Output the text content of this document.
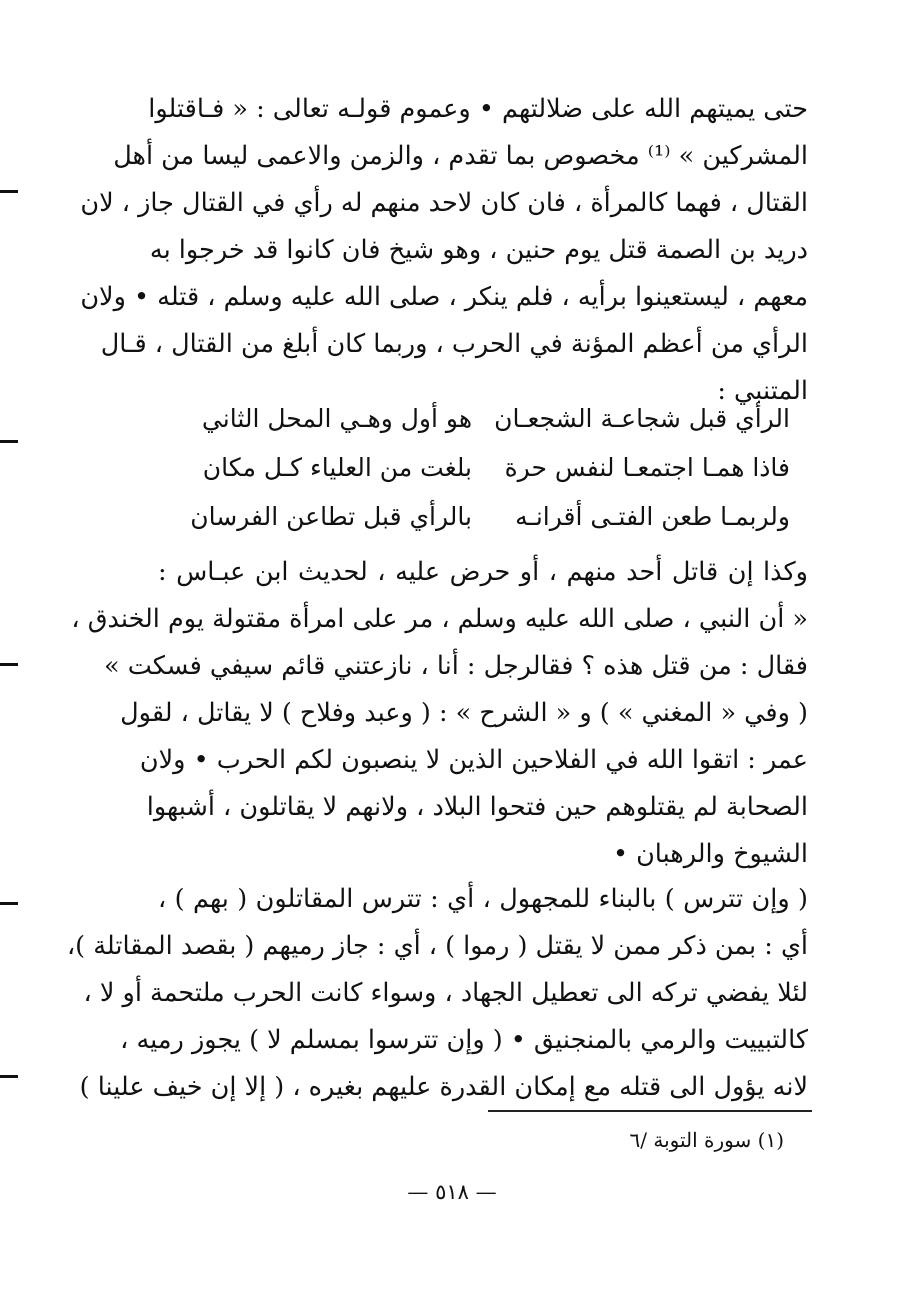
حتى يميتهم الله على ضلالتهم • وعموم قولـه تعالى : « فـاقتلوا
المشركين » ⁽¹⁾ مخصوص بما تقدم ، والزمن والاعمى ليسا من أهل
القتال ، فهما كالمرأة ، فان كان لاحد منهم له رأي في القتال جاز ، لان
دريد بن الصمة قتل يوم حنين ، وهو شيخ فان كانوا قد خرجوا به
معهم ، ليستعينوا برأيه ، فلم ينكر ، صلى الله عليه وسلم ، قتله • ولان
الرأي من أعظم المؤنة في الحرب ، وربما كان أبلغ من القتال ، قـال
المتنبي :
الرأي قبل شجاعـة الشجعـان
هو أول وهـي المحل الثاني
فاذا همـا اجتمعـا لنفس حرة
بلغت من العلياء كـل مكان
ولربمـا طعن الفتـى أقرانـه
بالرأي قبل تطاعن الفرسان
وكذا إن قاتل أحد منهم ، أو حرض عليه ، لحديث ابن عبـاس :
« أن النبي ، صلى الله عليه وسلم ، مر على امرأة مقتولة يوم الخندق ،
فقال : من قتل هذه ؟ فقالرجل : أنا ، نازعتني قائم سيفي فسكت »
( وفي « المغني » ) و « الشرح » : ( وعبد وفلاح ) لا يقاتل ، لقول
عمر : اتقوا الله في الفلاحين الذين لا ينصبون لكم الحرب • ولان
الصحابة لم يقتلوهم حين فتحوا البلاد ، ولانهم لا يقاتلون ، أشبهوا
الشيوخ والرهبان •
( وإن تترس ) بالبناء للمجهول ، أي : تترس المقاتلون ( بهم ) ،
أي : بمن ذكر ممن لا يقتل ( رموا ) ، أي : جاز رميهم ( بقصد المقاتلة )،
لئلا يفضي تركه الى تعطيل الجهاد ، وسواء كانت الحرب ملتحمة أو لا ،
كالتبييت والرمي بالمنجنيق • ( وإن تترسوا بمسلم لا ) يجوز رميه ،
لانه يؤول الى قتله مع إمكان القدرة عليهم بغيره ، ( إلا إن خيف علينا )
(١) سورة التوبة /٦
— ٥١٨ —
